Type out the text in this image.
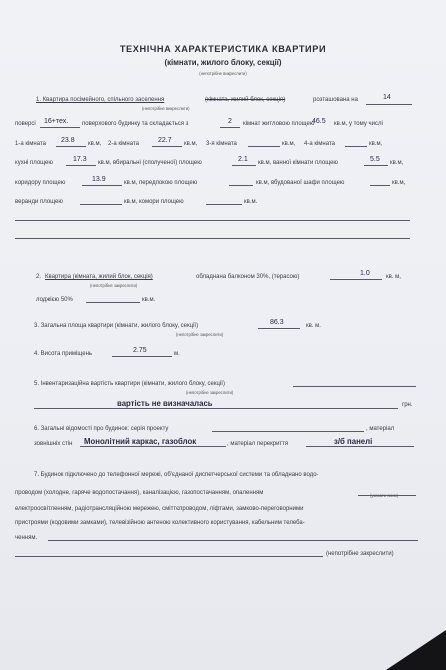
ТЕХНІЧНА ХАРАКТЕРИСТИКА КВАРТИРИ
(кімнати, жилого блоку, секції)
(непотрібне викреслити)
1. Квартира посімейного, спільного заселення	(кімната, жилий блок, секція)	розташована на	14
(непотрібне викреслити)
поверсі 16+тех. поверхового будинку та складається з	2 кімнат житловою площею
46.5 кв.м, у тому числі
1-а кімната 23.8 кв.м, 2-а кімната	22.7 кв.м, 3-я кімната	кв.м, 4-а кімната	кв.м,
кухні площею	17.3 кв.м, вбиральні (сполученої) площею	2.1 кв.м, ванної кімнати площею	5.5 кв.м,
коридору площею	13.9	кв.м, передпокою площею	кв.м, вбудованої шафи площею	кв.м,
веранди площею	кв.м, комори площею	кв.м.
2. Квартира (кімната, жилий блок, секція)	обладнана балконом 30%, (терасою)	1.0	кв. м,
(непотрібне закреслити)
лоджією 50%	кв.м.
3. Загальна площа квартири (кімнати, жилого блоку, секції)	86.3	кв. м.
(непотрібне закреслити)
4. Висота приміщень	2.75	м.
5. Інвентаризаційна вартість квартири (кімнати, жилого блоку, секції)
(непотрібне закреслити)
вартість не визначалась	грн.
6. Загальні відомості про будинок: серія проекту	, матеріал
зовнішніх стін Монолітний каркас, газоблок	, матеріал перекриття	з/б панелі
7. Будинок підключено до телефонної мережі, об'єднаної диспетчерської системи та обладнано водо-
проводом (холодне, гаряче водопостачання), каналізацією, газопостачанням, опаленням	(указати яким)
електроосвітленням, радіотрансляційною мережею, сміттєпроводом, ліфтами, замково-переговорними
пристроями (кодовими замками), телевізійною антеною колективного користування, кабельним телеба-
ченням.
(непотрібне закреслити)
